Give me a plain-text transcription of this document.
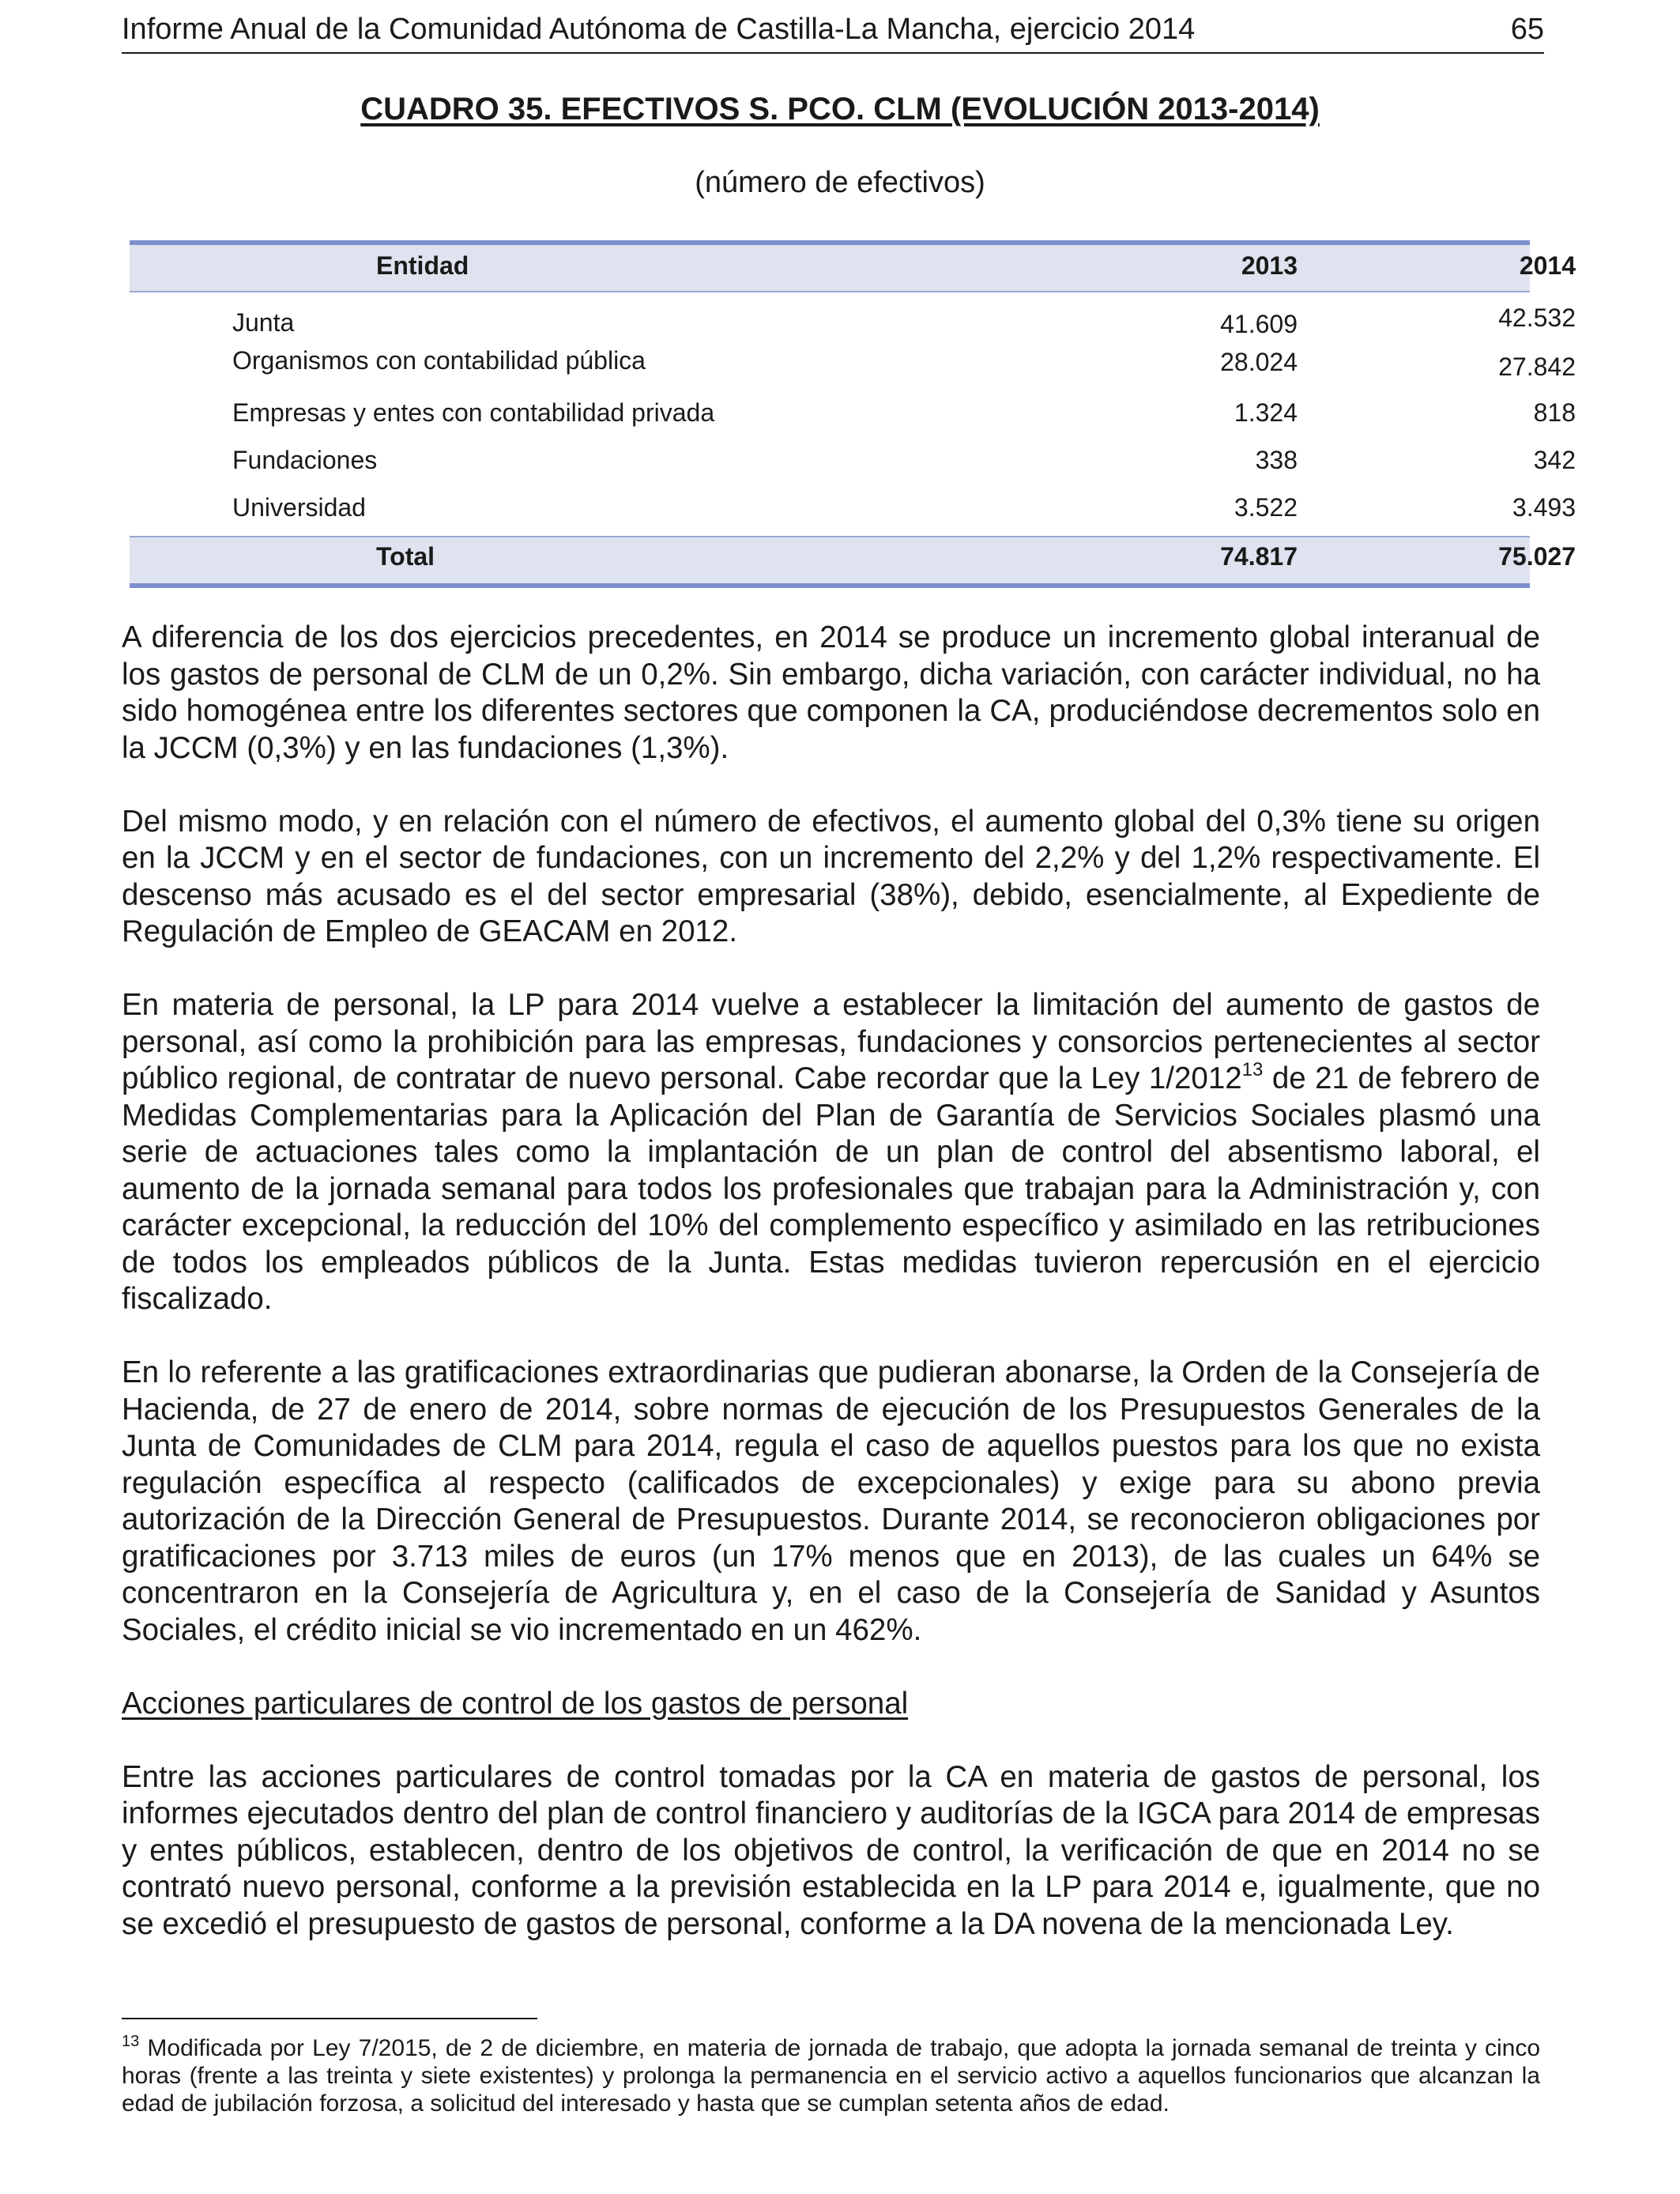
Informe Anual de la Comunidad Autónoma de Castilla-La Mancha, ejercicio 2014	65
CUADRO 35. EFECTIVOS S. PCO. CLM (EVOLUCIÓN 2013-2014)
(número de efectivos)
Entidad	2013	2014
Junta	41.609	42.532
Organismos con contabilidad pública	28.024	27.842
Empresas y entes con contabilidad privada	1.324	818
Fundaciones	338	342
Universidad	3.522	3.493
Total	74.817	75.027

A diferencia de los dos ejercicios precedentes, en 2014 se produce un incremento global interanual de los gastos de personal de CLM de un 0,2%. Sin embargo, dicha variación, con carácter individual, no ha sido homogénea entre los diferentes sectores que componen la CA, produciéndose decrementos solo en la JCCM (0,3%) y en las fundaciones (1,3%).

Del mismo modo, y en relación con el número de efectivos, el aumento global del 0,3% tiene su origen en la JCCM y en el sector de fundaciones, con un incremento del 2,2% y del 1,2% respectivamente. El descenso más acusado es el del sector empresarial (38%), debido, esencialmente, al Expediente de Regulación de Empleo de GEACAM en 2012.

En materia de personal, la LP para 2014 vuelve a establecer la limitación del aumento de gastos de personal, así como la prohibición para las empresas, fundaciones y consorcios pertenecientes al sector público regional, de contratar de nuevo personal. Cabe recordar que la Ley 1/2012$^{13}$ de 21 de febrero de Medidas Complementarias para la Aplicación del Plan de Garantía de Servicios Sociales plasmó una serie de actuaciones tales como la implantación de un plan de control del absentismo laboral, el aumento de la jornada semanal para todos los profesionales que trabajan para la Administración y, con carácter excepcional, la reducción del 10% del complemento específico y asimilado en las retribuciones de todos los empleados públicos de la Junta. Estas medidas tuvieron repercusión en el ejercicio fiscalizado.

En lo referente a las gratificaciones extraordinarias que pudieran abonarse, la Orden de la Consejería de Hacienda, de 27 de enero de 2014, sobre normas de ejecución de los Presupuestos Generales de la Junta de Comunidades de CLM para 2014, regula el caso de aquellos puestos para los que no exista regulación específica al respecto (calificados de excepcionales) y exige para su abono previa autorización de la Dirección General de Presupuestos. Durante 2014, se reconocieron obligaciones por gratificaciones por 3.713 miles de euros (un 17% menos que en 2013), de las cuales un 64% se concentraron en la Consejería de Agricultura y, en el caso de la Consejería de Sanidad y Asuntos Sociales, el crédito inicial se vio incrementado en un 462%.

Acciones particulares de control de los gastos de personal

Entre las acciones particulares de control tomadas por la CA en materia de gastos de personal, los informes ejecutados dentro del plan de control financiero y auditorías de la IGCA para 2014 de empresas y entes públicos, establecen, dentro de los objetivos de control, la verificación de que en 2014 no se contrató nuevo personal, conforme a la previsión establecida en la LP para 2014 e, igualmente, que no se excedió el presupuesto de gastos de personal, conforme a la DA novena de la mencionada Ley.

$^{13}$ Modificada por Ley 7/2015, de 2 de diciembre, en materia de jornada de trabajo, que adopta la jornada semanal de treinta y cinco horas (frente a las treinta y siete existentes) y prolonga la permanencia en el servicio activo a aquellos funcionarios que alcanzan la edad de jubilación forzosa, a solicitud del interesado y hasta que se cumplan setenta años de edad.
